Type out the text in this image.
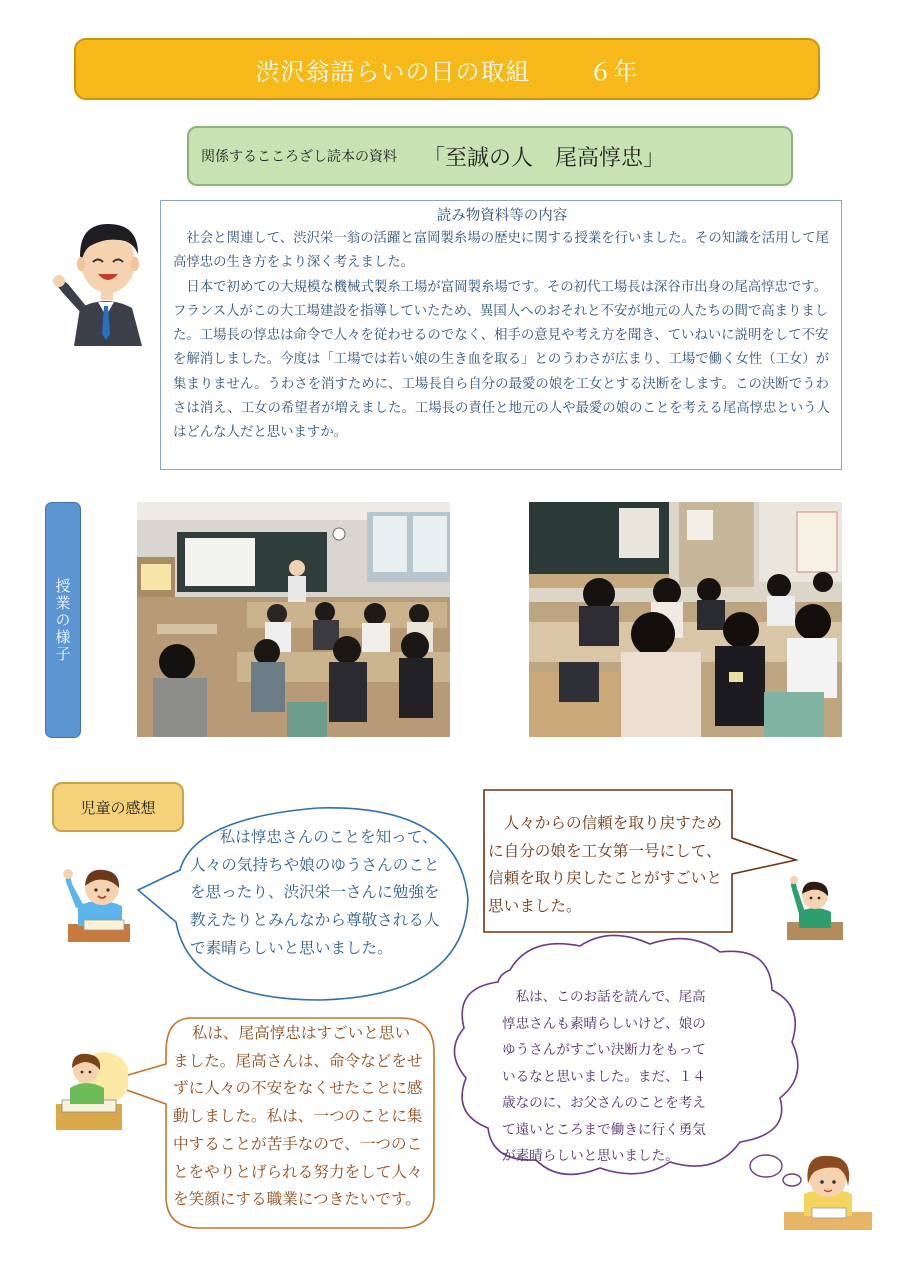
渋沢翁語らいの日の取組 ６年
関係するこころざし読本の資料 「至誠の人　尾高惇忠」
読み物資料等の内容

社会と関連して、渋沢栄一翁の活躍と富岡製糸場の歴史に関する授業を行いました。その知識を活用して尾高惇忠の生き方をより深く考えました。

日本で初めての大規模な機械式製糸工場が富岡製糸場です。その初代工場長は深谷市出身の尾高惇忠です。フランス人がこの大工場建設を指導していたため、異国人へのおそれと不安が地元の人たちの間で高まりました。工場長の惇忠は命令で人々を従わせるのでなく、相手の意見や考え方を聞き、ていねいに説明をして不安を解消しました。今度は「工場では若い娘の生き血を取る」とのうわさが広まり、工場で働く女性（工女）が集まりません。うわさを消すために、工場長自ら自分の最愛の娘を工女とする決断をします。この決断でうわさは消え、工女の希望者が増えました。工場長の責任と地元の人や最愛の娘のことを考える尾高惇忠という人はどんな人だと思いますか。

授業の様子
児童の感想
私は惇忠さんのことを知って、人々の気持ちや娘のゆうさんのことを思ったり、渋沢栄一さんに勉強を教えたりとみんなから尊敬される人で素晴らしいと思いました。
人々からの信頼を取り戻すために自分の娘を工女第一号にして、信頼を取り戻したことがすごいと思いました。
私は、このお話を読んで、尾高惇忠さんも素晴らしいけど、娘のゆうさんがすごい決断力をもっているなと思いました。まだ、１４歳なのに、お父さんのことを考えて遠いところまで働きに行く勇気が素晴らしいと思いました。
私は、尾高惇忠はすごいと思いました。尾高さんは、命令などをせずに人々の不安をなくせたことに感動しました。私は、一つのことに集中することが苦手なので、一つのことをやりとげられる努力をして人々を笑顔にする職業につきたいです。
